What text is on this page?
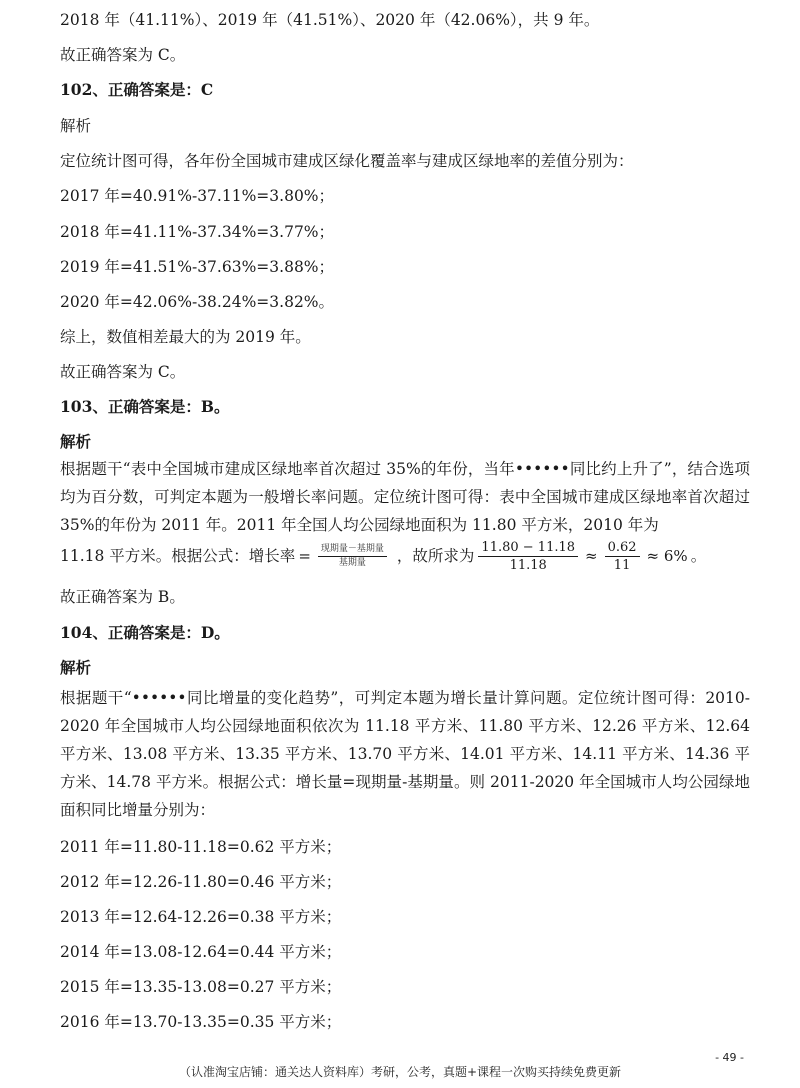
2018 年（41.11%）、2019 年（41.51%）、2020 年（42.06%），共 9 年。
故正确答案为 C。
102、正确答案是：C
解析
定位统计图可得，各年份全国城市建成区绿化覆盖率与建成区绿地率的差值分别为：
2017 年=40.91%-37.11%=3.80%；
2018 年=41.11%-37.34%=3.77%；
2019 年=41.51%-37.63%=3.88%；
2020 年=42.06%-38.24%=3.82%。
综上，数值相差最大的为 2019 年。
故正确答案为 C。
103、正确答案是：B。
解析
根据题干“表中全国城市建成区绿地率首次超过 35%的年份，当年••••••同比约上升了”，结合选项均为百分数，可判定本题为一般增长率问题。定位统计图可得：表中全国城市建成区绿地率首次超过 35%的年份为 2011 年。2011 年全国人均公园绿地面积为 11.80 平方米，2010 年为
11.18 平方米。根据公式：增长率 = $\frac{\text{现期量－基期量}}{\text{基期量}}$ ，故所求为 $\frac{11.80 - 11.18}{11.18} \approx \frac{0.62}{11} \approx 6\%$ 。
故正确答案为 B。
104、正确答案是：D。
解析
根据题干“••••••同比增量的变化趋势”，可判定本题为增长量计算问题。定位统计图可得：2010-2020 年全国城市人均公园绿地面积依次为 11.18 平方米、11.80 平方米、12.26 平方米、12.64 平方米、13.08 平方米、13.35 平方米、13.70 平方米、14.01 平方米、14.11 平方米、14.36 平方米、14.78 平方米。根据公式：增长量=现期量-基期量。则 2011-2020 年全国城市人均公园绿地面积同比增量分别为：
2011 年=11.80-11.18=0.62 平方米；
2012 年=12.26-11.80=0.46 平方米；
2013 年=12.64-12.26=0.38 平方米；
2014 年=13.08-12.64=0.44 平方米；
2015 年=13.35-13.08=0.27 平方米；
2016 年=13.70-13.35=0.35 平方米；
- 49 -
（认准淘宝店铺：通关达人资料库）考研，公考，真题+课程一次购买持续免费更新
